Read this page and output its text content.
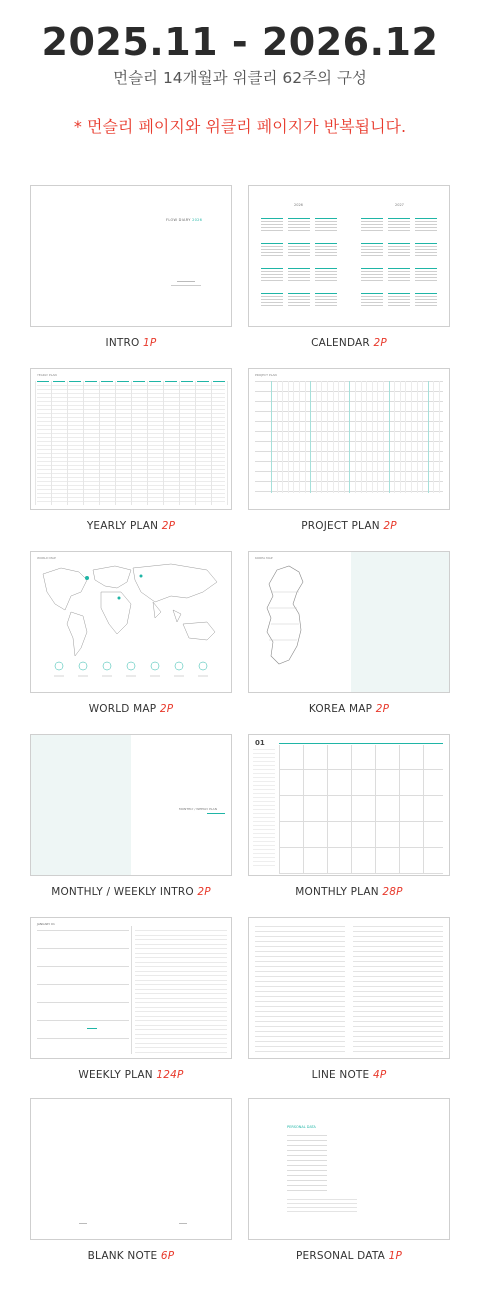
2025.11 - 2026.12
먼슬리 14개월과 위클리 62주의 구성
* 먼슬리 페이지와 위클리 페이지가 반복됩니다.
FLOW DIARY 2026
INTRO 1P
2026	2027
CALENDAR 2P
YEARLY PLAN
YEARLY PLAN 2P
PROJECT PLAN
PROJECT PLAN 2P
WORLD MAP
WORLD MAP 2P
KOREA MAP
KOREA MAP 2P
MONTHLY / WEEKLY PLAN
MONTHLY / WEEKLY INTRO 2P
01
MONTHLY PLAN 28P
JANUARY 01
WEEKLY PLAN 124P	LINE NOTE 4P
BLANK NOTE 6P
PERSONAL DATA
PERSONAL DATA 1P
